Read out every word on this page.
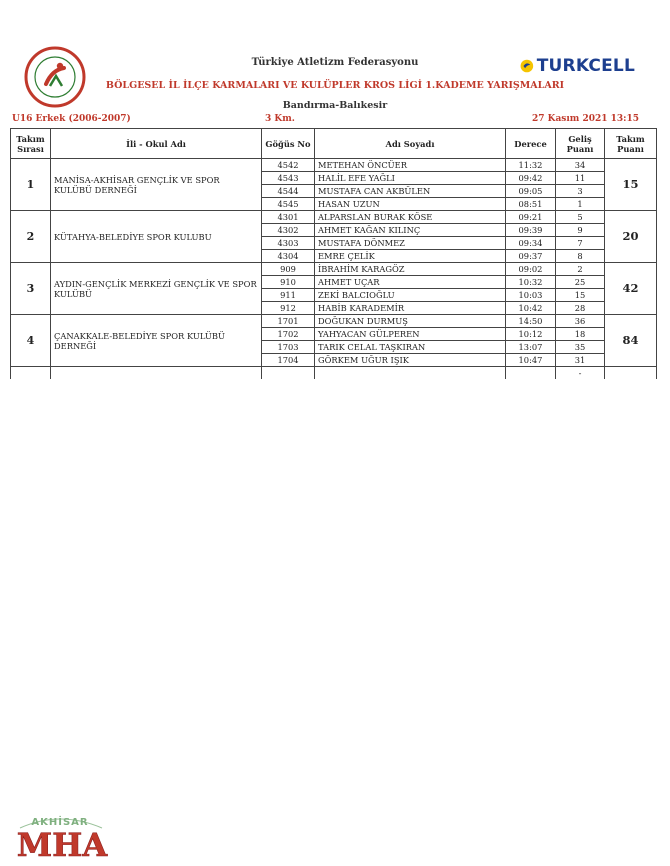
TURKCELL
Türkiye Atletizm Federasyonu
BÖLGESEL İL İLÇE KARMALARI VE KULÜPLER KROS LİGİ 1.KADEME YARIŞMALARI
Bandırma-Balıkesir
U16 Erkek (2006-2007)	3 Km.	27 Kasım 2021 13:15
Takım Sırası	İli - Okul Adı	Göğüs No	Adı Soyadı	Derece	Geliş Puanı	Takım Puanı
1	MANİSA-AKHİSAR GENÇLİK VE SPOR KULÜBÜ DERNEĞİ	4542	METEHAN ÖNCÜER	11:32	34	15
		4543	HALİL EFE YAĞLI	09:42	11	
		4544	MUSTAFA CAN AKBÜLEN	09:05	3	
		4545	HASAN UZUN	08:51	1	
2	KÜTAHYA-BELEDİYE SPOR KULUBU	4301	ALPARSLAN BURAK KÖSE	09:21	5	20
		4302	AHMET KAĞAN KILINÇ	09:39	9	
		4303	MUSTAFA DÖNMEZ	09:34	7	
		4304	EMRE ÇELİK	09:37	8	
3	AYDIN-GENÇLİK MERKEZİ GENÇLİK VE SPOR KULÜBÜ	909	İBRAHİM KARAGÖZ	09:02	2	42
		910	AHMET UÇAR	10:32	25	
		911	ZEKİ BALCIOĞLU	10:03	15	
		912	HABİB KARADEMİR	10:42	28	
4	ÇANAKKALE-BELEDİYE SPOR KULÜBÜ DERNEĞİ	1701	DOĞUKAN DURMUŞ	14:50	36	84
		1702	YAHYACAN GÜLPEREN	10:12	18	
		1703	TARIK CELAL TAŞKIRAN	13:07	35	
		1704	GÖRKEM UĞUR IŞIK	10:47	31	
					-	
AKHİSAR
MHA
